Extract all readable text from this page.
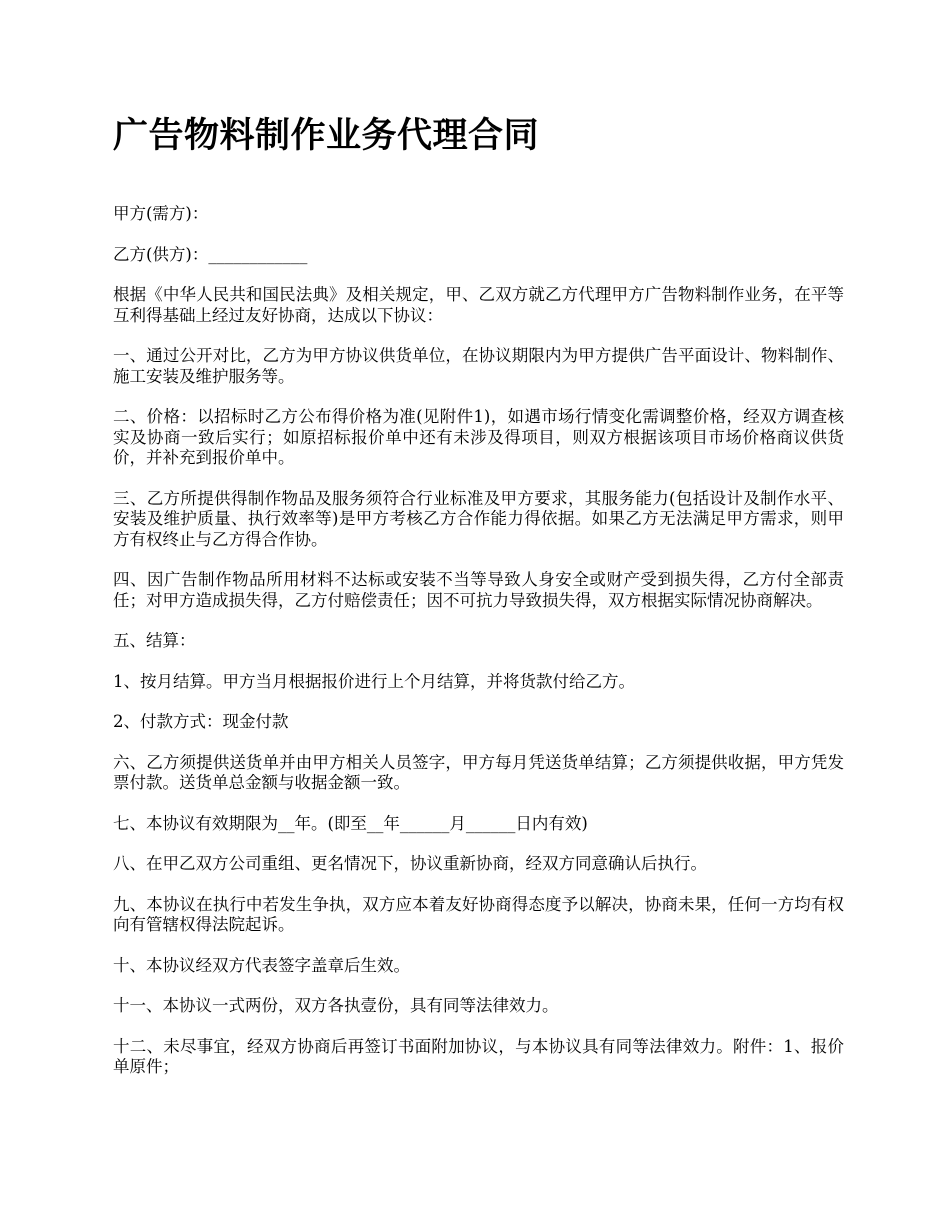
广告物料制作业务代理合同

甲方(需方)：

乙方(供方)：____________

根据《中华人民共和国民法典》及相关规定，甲、乙双方就乙方代理甲方广告物料制作业务，在平等互利得基础上经过友好协商，达成以下协议：

一、通过公开对比，乙方为甲方协议供货单位，在协议期限内为甲方提供广告平面设计、物料制作、施工安装及维护服务等。

二、价格：以招标时乙方公布得价格为准(见附件1)，如遇市场行情变化需调整价格，经双方调查核实及协商一致后实行；如原招标报价单中还有未涉及得项目，则双方根据该项目市场价格商议供货价，并补充到报价单中。

三、乙方所提供得制作物品及服务须符合行业标准及甲方要求，其服务能力(包括设计及制作水平、安装及维护质量、执行效率等)是甲方考核乙方合作能力得依据。如果乙方无法满足甲方需求，则甲方有权终止与乙方得合作协。

四、因广告制作物品所用材料不达标或安装不当等导致人身安全或财产受到损失得，乙方付全部责任；对甲方造成损失得，乙方付赔偿责任；因不可抗力导致损失得，双方根据实际情况协商解决。

五、结算：

1、按月结算。甲方当月根据报价进行上个月结算，并将货款付给乙方。

2、付款方式：现金付款

六、乙方须提供送货单并由甲方相关人员签字，甲方每月凭送货单结算；乙方须提供收据，甲方凭发票付款。送货单总金额与收据金额一致。

七、本协议有效期限为__年。(即至__年______月______日内有效)

八、在甲乙双方公司重组、更名情况下，协议重新协商，经双方同意确认后执行。

九、本协议在执行中若发生争执，双方应本着友好协商得态度予以解决，协商未果，任何一方均有权向有管辖权得法院起诉。

十、本协议经双方代表签字盖章后生效。

十一、本协议一式两份，双方各执壹份，具有同等法律效力。

十二、未尽事宜，经双方协商后再签订书面附加协议，与本协议具有同等法律效力。附件：1、报价单原件；
